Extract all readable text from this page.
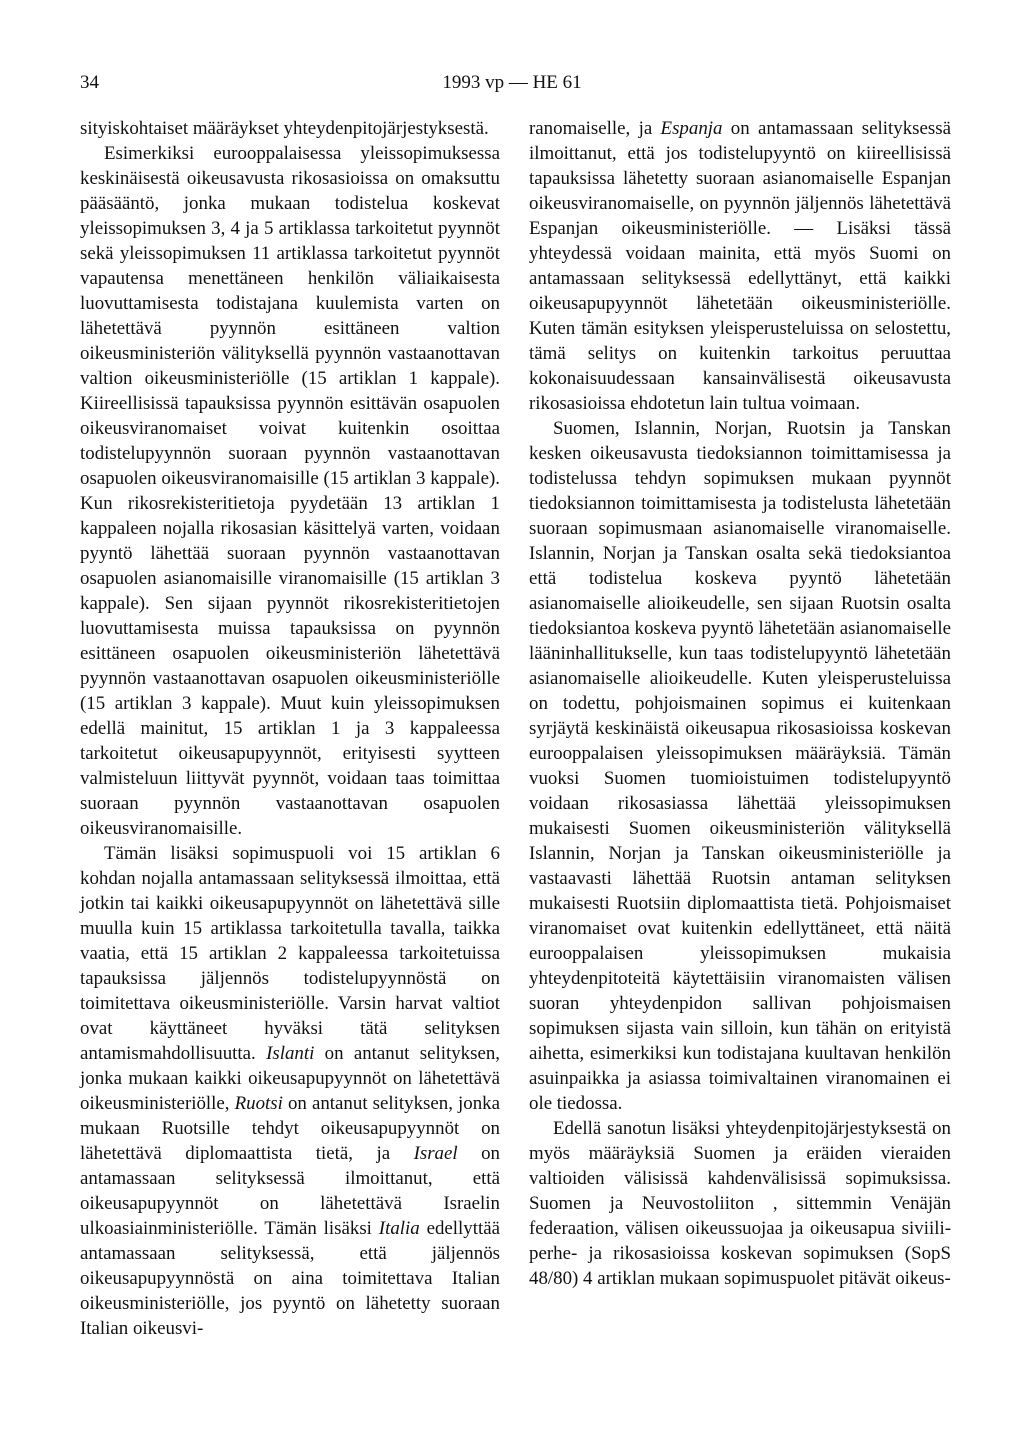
34	1993 vp — HE 61

sityiskohtaiset määräykset yhteydenpitojärjestyksestä.

Esimerkiksi eurooppalaisessa yleissopimuksessa keskinäisestä oikeusavusta rikosasioissa on omaksuttu pääsääntö, jonka mukaan todistelua koskevat yleissopimuksen 3, 4 ja 5 artiklassa tarkoitetut pyynnöt sekä yleissopimuksen 11 artiklassa tarkoitetut pyynnöt vapautensa menettäneen henkilön väliaikaisesta luovuttamisesta todistajana kuulemista varten on lähetettävä pyynnön esittäneen valtion oikeusministeriön välityksellä pyynnön vastaanottavan valtion oikeusministeriölle (15 artiklan 1 kappale). Kiireellisissä tapauksissa pyynnön esittävän osapuolen oikeusviranomaiset voivat kuitenkin osoittaa todistelupyynnön suoraan pyynnön vastaanottavan osapuolen oikeusviranomaisille (15 artiklan 3 kappale). Kun rikosrekisteritietoja pyydetään 13 artiklan 1 kappaleen nojalla rikosasian käsittelyä varten, voidaan pyyntö lähettää suoraan pyynnön vastaanottavan osapuolen asianomaisille viranomaisille (15 artiklan 3 kappale). Sen sijaan pyynnöt rikosrekisteritietojen luovuttamisesta muissa tapauksissa on pyynnön esittäneen osapuolen oikeusministeriön lähetettävä pyynnön vastaanottavan osapuolen oikeusministeriölle (15 artiklan 3 kappale). Muut kuin yleissopimuksen edellä mainitut, 15 artiklan 1 ja 3 kappaleessa tarkoitetut oikeusapupyynnöt, erityisesti syytteen valmisteluun liittyvät pyynnöt, voidaan taas toimittaa suoraan pyynnön vastaanottavan osapuolen oikeusviranomaisille.

Tämän lisäksi sopimuspuoli voi 15 artiklan 6 kohdan nojalla antamassaan selityksessä ilmoittaa, että jotkin tai kaikki oikeusapupyynnöt on lähetettävä sille muulla kuin 15 artiklassa tarkoitetulla tavalla, taikka vaatia, että 15 artiklan 2 kappaleessa tarkoitetuissa tapauksissa jäljennös todistelupyynnöstä on toimitettava oikeusministeriölle. Varsin harvat valtiot ovat käyttäneet hyväksi tätä selityksen antamismahdollisuutta. Islanti on antanut selityksen, jonka mukaan kaikki oikeusapupyynnöt on lähetettävä oikeusministeriölle, Ruotsi on antanut selityksen, jonka mukaan Ruotsille tehdyt oikeusapupyynnöt on lähetettävä diplomaattista tietä, ja Israel on antamassaan selityksessä ilmoittanut, että oikeusapupyynnöt on lähetettävä Israelin ulkoasiainministeriölle. Tämän lisäksi Italia edellyttää antamassaan selityksessä, että jäljennös oikeusapupyynnöstä on aina toimitettava Italian oikeusministeriölle, jos pyyntö on lähetetty suoraan Italian oikeusvi-

ranomaiselle, ja Espanja on antamassaan selityksessä ilmoittanut, että jos todistelupyyntö on kiireellisissä tapauksissa lähetetty suoraan asianomaiselle Espanjan oikeusviranomaiselle, on pyynnön jäljennös lähetettävä Espanjan oikeusministeriölle. — Lisäksi tässä yhteydessä voidaan mainita, että myös Suomi on antamassaan selityksessä edellyttänyt, että kaikki oikeusapupyynnöt lähetetään oikeusministeriölle. Kuten tämän esityksen yleisperusteluissa on selostettu, tämä selitys on kuitenkin tarkoitus peruuttaa kokonaisuudessaan kansainvälisestä oikeusavusta rikosasioissa ehdotetun lain tultua voimaan.

Suomen, Islannin, Norjan, Ruotsin ja Tanskan kesken oikeusavusta tiedoksiannon toimittamisessa ja todistelussa tehdyn sopimuksen mukaan pyynnöt tiedoksiannon toimittamisesta ja todistelusta lähetetään suoraan sopimusmaan asianomaiselle viranomaiselle. Islannin, Norjan ja Tanskan osalta sekä tiedoksiantoa että todistelua koskeva pyyntö lähetetään asianomaiselle alioikeudelle, sen sijaan Ruotsin osalta tiedoksiantoa koskeva pyyntö lähetetään asianomaiselle lääninhallitukselle, kun taas todistelupyyntö lähetetään asianomaiselle alioikeudelle. Kuten yleisperusteluissa on todettu, pohjoismainen sopimus ei kuitenkaan syrjäytä keskinäistä oikeusapua rikosasioissa koskevan eurooppalaisen yleissopimuksen määräyksiä. Tämän vuoksi Suomen tuomioistuimen todistelupyyntö voidaan rikosasiassa lähettää yleissopimuksen mukaisesti Suomen oikeusministeriön välityksellä Islannin, Norjan ja Tanskan oikeusministeriölle ja vastaavasti lähettää Ruotsin antaman selityksen mukaisesti Ruotsiin diplomaattista tietä. Pohjoismaiset viranomaiset ovat kuitenkin edellyttäneet, että näitä eurooppalaisen yleissopimuksen mukaisia yhteydenpitoteitä käytettäisiin viranomaisten välisen suoran yhteydenpidon sallivan pohjoismaisen sopimuksen sijasta vain silloin, kun tähän on erityistä aihetta, esimerkiksi kun todistajana kuultavan henkilön asuinpaikka ja asiassa toimivaltainen viranomainen ei ole tiedossa.

Edellä sanotun lisäksi yhteydenpitojärjestyksestä on myös määräyksiä Suomen ja eräiden vieraiden valtioiden välisissä kahdenvälisissä sopimuksissa. Suomen ja Neuvostoliiton , sittemmin Venäjän federaation, välisen oikeussuojaa ja oikeusapua siviili- perhe- ja rikosasioissa koskevan sopimuksen (SopS 48/80) 4 artiklan mukaan sopimuspuolet pitävät oikeus-
